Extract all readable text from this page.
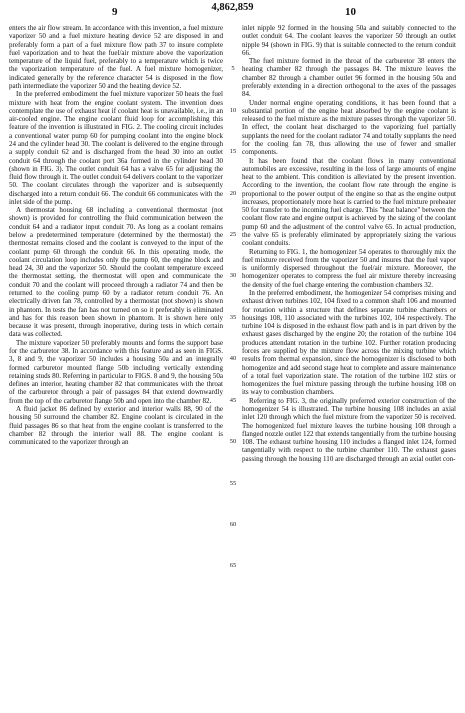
9	4,862,859	10

enters the air flow stream. In accordance with this invention, a fuel mixture vaporizer 50 and a fuel mixture heating device 52 are disposed in and preferably form a part of a fuel mixture flow path 37 to insure complete fuel vaporization and to heat the fuel/air mixture above the vaporization temperature of the liquid fuel, preferably to a temperature which is twice the vaporization temperature of the fuel. A fuel mixture homogenizer, indicated generally by the reference character 54 is disposed in the flow path intermediate the vaporizer 50 and the heating device 52.

In the preferred embodiment the fuel mixture vaporizer 50 heats the fuel mixture with heat from the engine coolant system. The invention does contemplate the use of exhaust heat if coolant heat is unavailable, i.e., in an air-cooled engine. The engine coolant fluid loop for accomplishing this feature of the invention is illustrated in FIG. 2. The cooling circuit includes a conventional water pump 60 for pumping coolant into the engine block 24 and the cylinder head 30. The coolant is delivered to the engine through a supply conduit 62 and is discharged from the head 30 into an outlet conduit 64 through the coolant port 36a formed in the cylinder head 30 (shown in FIG. 3). The outlet conduit 64 has a valve 65 for adjusting the fluid flow through it. The outlet conduit 64 delivers coolant to the vaporizer 50. The coolant circulates through the vaporizer and is subsequently discharged into a return conduit 66. The conduit 66 communicates with the inlet side of the pump.

A thermostat housing 68 including a conventional thermostat (not shown) is provided for controlling the fluid communication between the conduit 64 and a radiator input conduit 70. As long as a coolant remains below a predetermined temperature (determined by the thermostat) the thermostat remains closed and the coolant is conveyed to the input of the coolant pump 60 through the conduit 66. In this operating mode, the coolant circulation loop includes only the pump 60, the engine block and head 24, 30 and the vaporizer 50. Should the coolant temperature exceed the thermostat setting, the thermostat will open and communicate the conduit 70 and the coolant will proceed through a radiator 74 and then be returned to the cooling pump 60 by a radiator return conduit 76. An electrically driven fan 78, controlled by a thermostat (not shown) is shown in phantom. In tests the fan has not turned on so it preferably is eliminated and has for this reason been shown in phantom. It is shown here only because it was present, through inoperative, during tests in which certain data was collected.

The mixture vaporizer 50 preferably mounts and forms the support base for the carburetor 38. In accordance with this feature and as seen in FIGS. 3, 8 and 9, the vaporizer 50 includes a housing 50a and an integrally formed carburetor mounted flange 50b including vertically extending retaining studs 80. Referring in particular to FIGS. 8 and 9, the housing 50a defines an interior, heating chamber 82 that communicates with the throat of the carburetor through a pair of passages 84 that extend downwardly from the top of the carburetor flange 50b and open into the chamber 82.

A fluid jacket 86 defined by exterior and interior walls 88, 90 of the housing 50 surround the chamber 82. Engine coolant is circulated in the fluid passages 86 so that heat from the engine coolant is transferred to the chamber 82 through the interior wall 88. The engine coolant is communicated to the vaporizer through an

5
10
15
20
25
30
35
40
45
50
55
60
65

inlet nipple 92 formed in the housing 50a and suitably connected to the outlet conduit 64. The coolant leaves the vaporizer 50 through an outlet nipple 94 (shown in FIG. 9) that is suitable connected to the return conduit 66.

The fuel mixture formed in the throat of the carburetor 38 enters the heating chamber 82 through the passages 84. The mixture leaves the chamber 82 through a chamber outlet 96 formed in the housing 50a and preferably extending in a direction orthogonal to the axes of the passages 84.

Under normal engine operating conditions, it has been found that a substantial portion of the engine heat absorbed by the engine coolant is released to the fuel mixture as the mixture passes through the vaporizer 50. In effect, the coolant heat discharged to the vaporizing fuel partially supplants the need for the coolant radiator 74 and totally supplants the need for the cooling fan 78, thus allowing the use of fewer and smaller components.

It has been found that the coolant flows in many conventional automobiles are excessive, resulting in the loss of large amounts of engine heat to the ambient. This condition is alleviated by the present invention. According to the invention, the coolant flow rate through the engine is proportional to the power output of the engine so that as the engine output increases, proportionately more heat is carried to the fuel mixture preheater 50 for transfer to the incoming fuel charge. This "heat balance" between the coolant flow rate and engine output is achieved by the sizing of the coolant pump 60 and the adjustment of the control valve 65. In actual production, the valve 65 is preferably eliminated by appropriately sizing the various coolant conduits.

Returning to FIG. 1, the homogenizer 54 operates to thoroughly mix the fuel mixture received from the vaporizer 50 and insures that the fuel vapor is uniformly dispersed throughout the fuel/air mixture. Moreover, the homogenizer operates to compress the fuel air mixture thereby increasing the density of the fuel charge entering the combustion chambers 32.

In the preferred embodiment, the homogenizer 54 comprises mixing and exhaust driven turbines 102, 104 fixed to a common shaft 106 and mounted for rotation within a structure that defines separate turbine chambers or housings 108, 110 associated with the turbines 102, 104 respectively. The turbine 104 is disposed in the exhaust flow path and is in part driven by the exhaust gases discharged by the engine 20; the rotation of the turbine 104 produces attendant rotation in the turbine 102. Further rotation producing forces are supplied by the mixture flow across the mixing turbine which results from thermal expansion, since the homogenizer is disclosed to both homogenize and add second stage heat to complete and assure maintenance of a total fuel vaporization state. The rotation of the turbine 102 stirs or homogenizes the fuel mixture passing through the turbine housing 108 on its way to combustion chambers.

Referring to FIG. 3, the originally preferred exterior construction of the homogenizer 54 is illustrated. The turbine housing 108 includes an axial inlet 120 through which the fuel mixture from the vaporizer 50 is received. The homogenized fuel mixture leaves the turbine housing 108 through a flanged nozzle outlet 122 that extends tangentially from the turbine housing 108. The exhaust turbine housing 110 includes a flanged inlet 124, formed tangentially with respect to the turbine chamber 110. The exhaust gases passing through the housing 110 are discharged through an axial outlet con-
